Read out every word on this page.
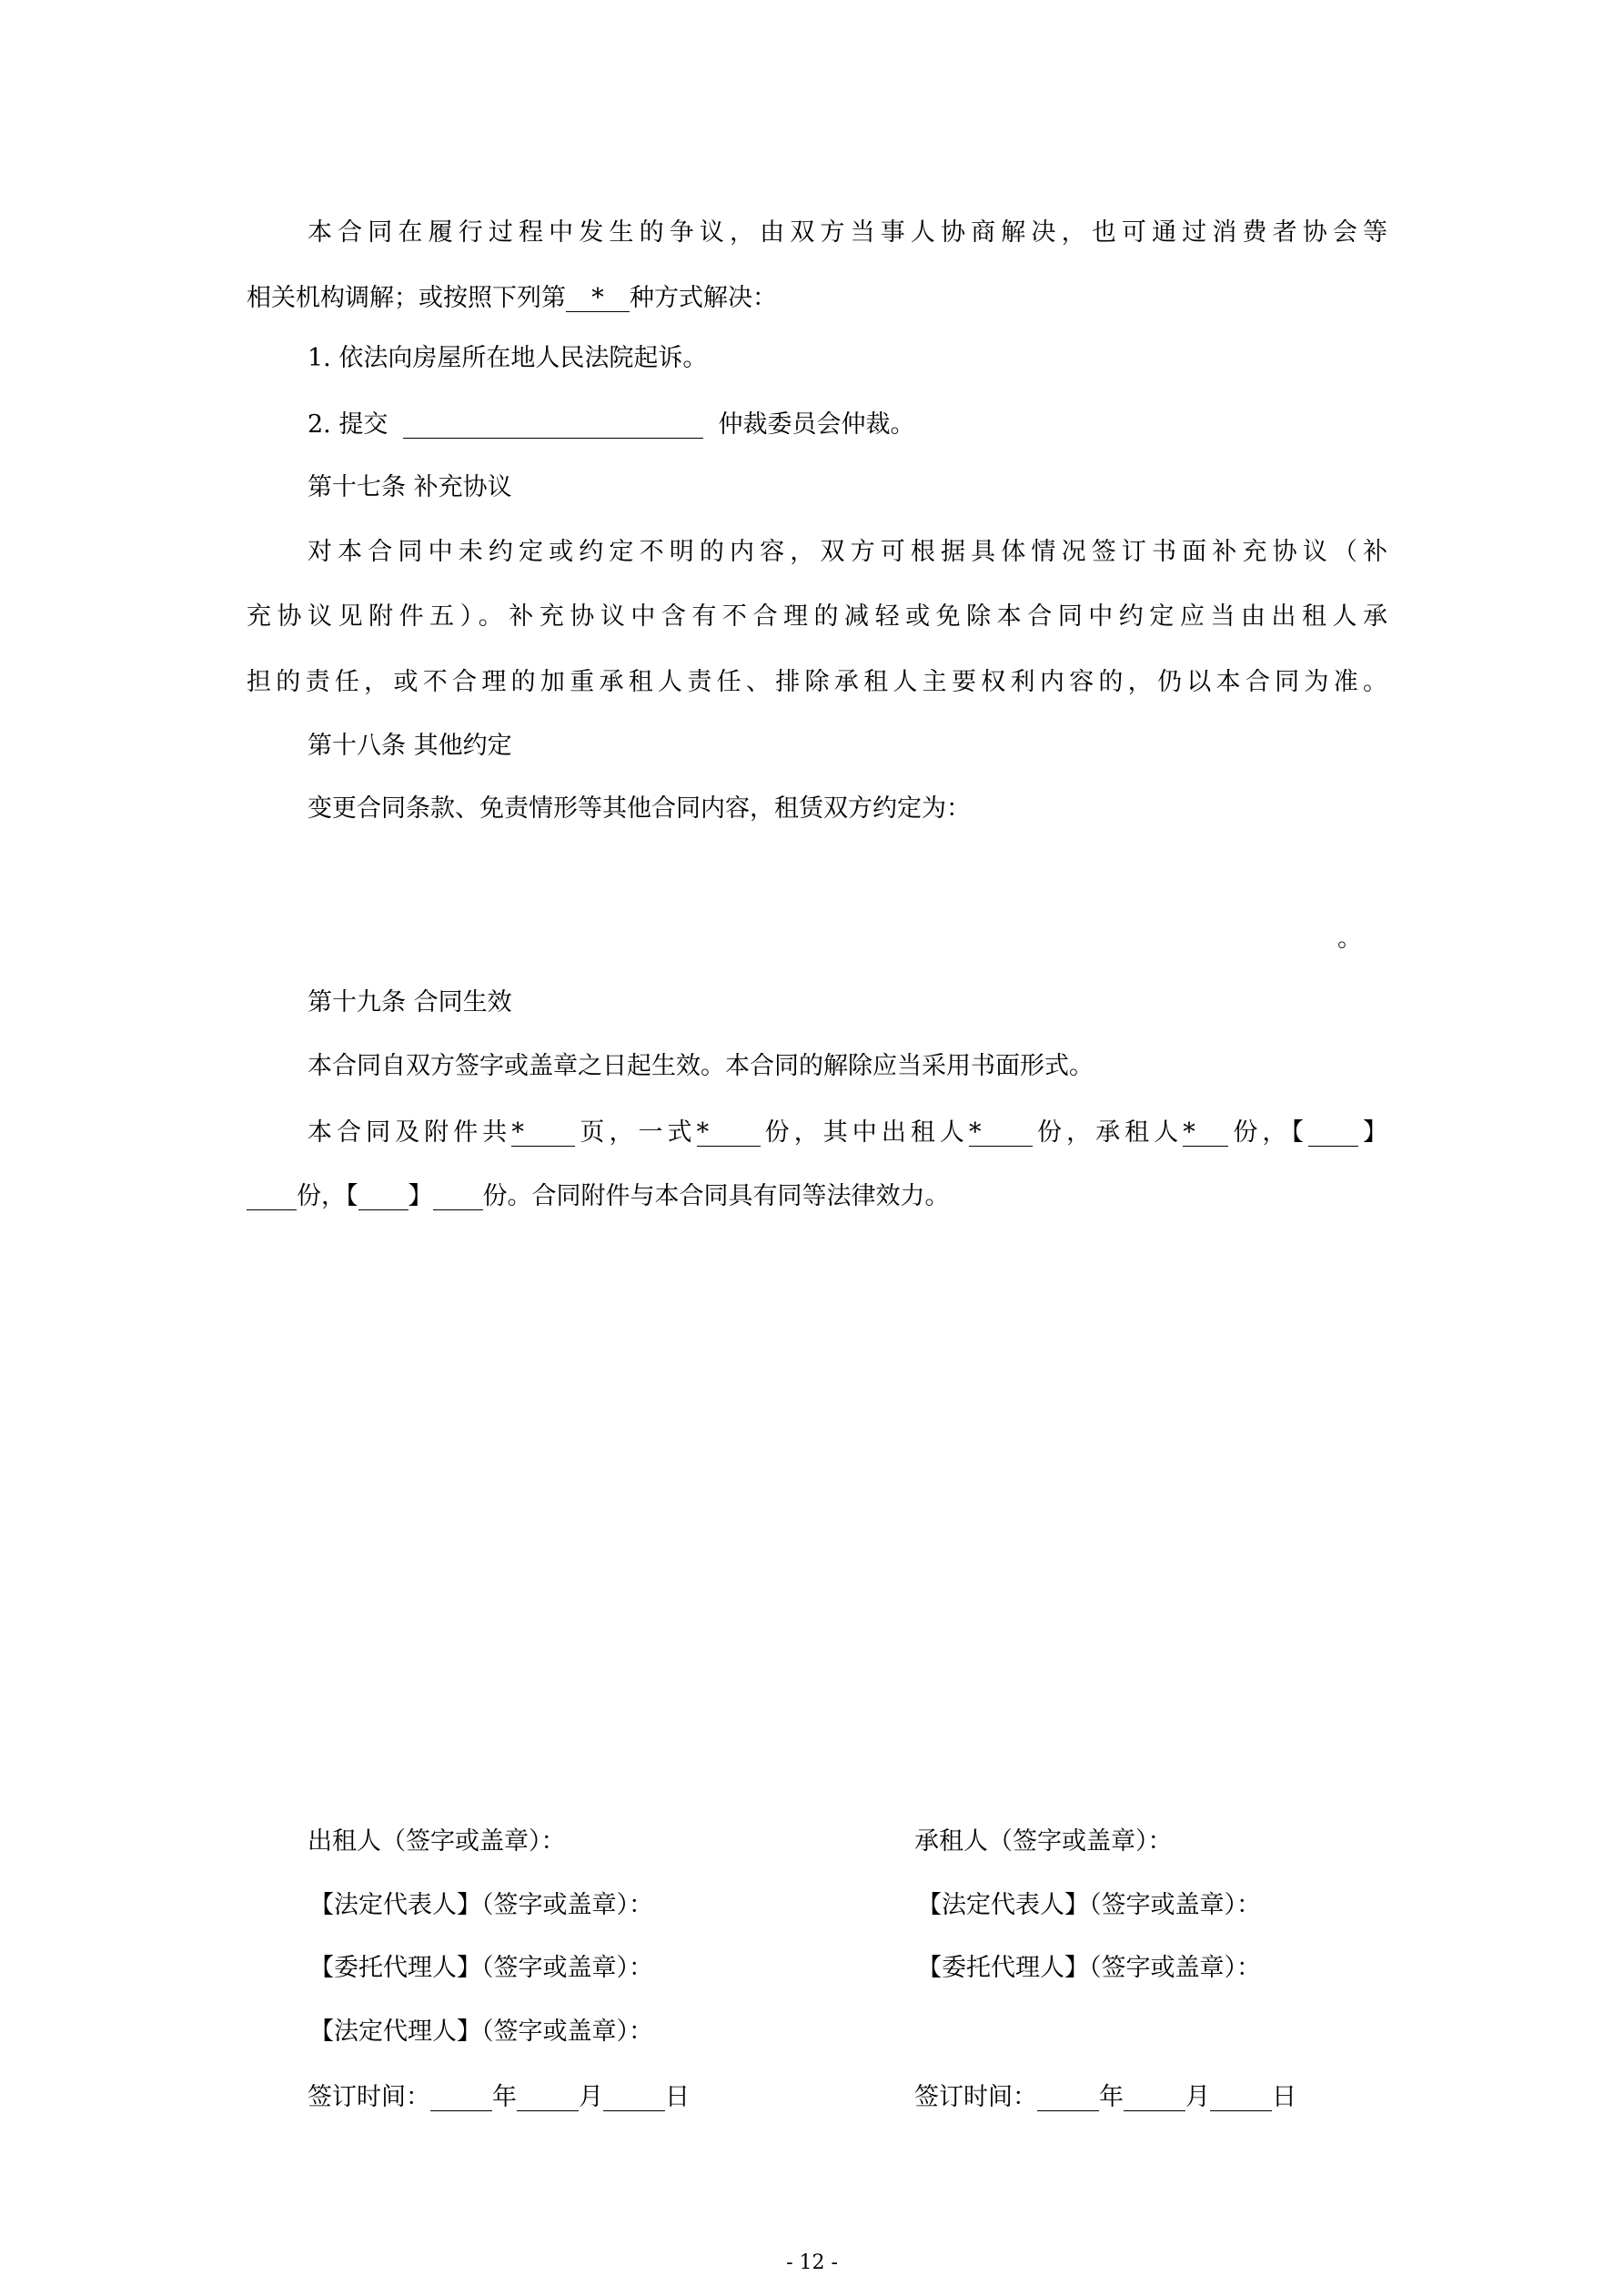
本合同在履行过程中发生的争议，由双方当事人协商解决，也可通过消费者协会等
相关机构调解；或按照下列第 * 种方式解决：
1. 依法向房屋所在地人民法院起诉。
2. 提交	仲裁委员会仲裁。
第十七条 补充协议
对本合同中未约定或约定不明的内容，双方可根据具体情况签订书面补充协议（补
充协议见附件五）。补充协议中含有不合理的减轻或免除本合同中约定应当由出租人承
担的责任，或不合理的加重承租人责任、排除承租人主要权利内容的，仍以本合同为准。
第十八条 其他约定
变更合同条款、免责情形等其他合同内容，租赁双方约定为：
。
第十九条 合同生效
本合同自双方签字或盖章之日起生效。本合同的解除应当采用书面形式。
本合同及附件共* 页，一式* 份，其中出租人* 份，承租人* 份，【 】
份，【 】 份。合同附件与本合同具有同等法律效力。
出租人（签字或盖章）：
【法定代表人】（签字或盖章）：
【委托代理人】（签字或盖章）：
【法定代理人】（签字或盖章）：
签订时间：	年	月	日
承租人（签字或盖章）：
【法定代表人】（签字或盖章）：
【委托代理人】（签字或盖章）：
签订时间：	年	月	日
- 12 -
